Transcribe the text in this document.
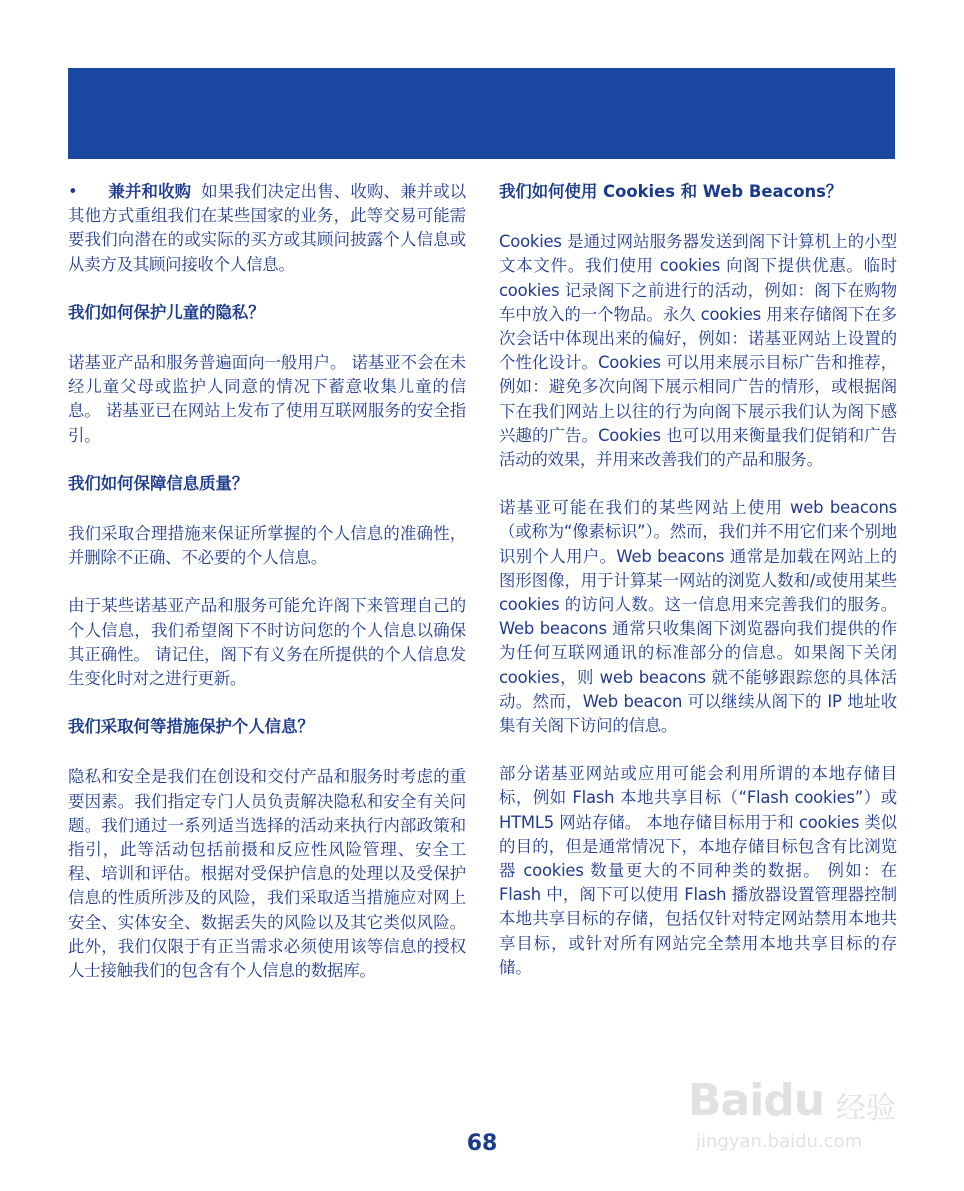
• 兼并和收购 如果我们决定出售、收购、兼并或以其他方式重组我们在某些国家的业务，此等交易可能需要我们向潜在的或实际的买方或其顾问披露个人信息或从卖方及其顾问接收个人信息。

我们如何保护儿童的隐私？

诺基亚产品和服务普遍面向一般用户。 诺基亚不会在未经儿童父母或监护人同意的情况下蓄意收集儿童的信息。 诺基亚已在网站上发布了使用互联网服务的安全指引。

我们如何保障信息质量？

我们采取合理措施来保证所掌握的个人信息的准确性，并删除不正确、不必要的个人信息。

由于某些诺基亚产品和服务可能允许阁下来管理自己的个人信息，我们希望阁下不时访问您的个人信息以确保其正确性。 请记住，阁下有义务在所提供的个人信息发生变化时对之进行更新。

我们采取何等措施保护个人信息？

隐私和安全是我们在创设和交付产品和服务时考虑的重要因素。我们指定专门人员负责解决隐私和安全有关问题。我们通过一系列适当选择的活动来执行内部政策和指引，此等活动包括前摄和反应性风险管理、安全工程、培训和评估。根据对受保护信息的处理以及受保护信息的性质所涉及的风险，我们采取适当措施应对网上安全、实体安全、数据丢失的风险以及其它类似风险。此外，我们仅限于有正当需求必须使用该等信息的授权人士接触我们的包含有个人信息的数据库。

我们如何使用 Cookies 和 Web Beacons？

Cookies 是通过网站服务器发送到阁下计算机上的小型文本文件。我们使用 cookies 向阁下提供优惠。临时 cookies 记录阁下之前进行的活动，例如：阁下在购物车中放入的一个物品。永久 cookies 用来存储阁下在多次会话中体现出来的偏好，例如：诺基亚网站上设置的个性化设计。Cookies 可以用来展示目标广告和推荐，例如：避免多次向阁下展示相同广告的情形，或根据阁下在我们网站上以往的行为向阁下展示我们认为阁下感兴趣的广告。Cookies 也可以用来衡量我们促销和广告活动的效果，并用来改善我们的产品和服务。

诺基亚可能在我们的某些网站上使用 web beacons （或称为“像素标识”）。然而，我们并不用它们来个别地识别个人用户。Web beacons 通常是加载在网站上的图形图像，用于计算某一网站的浏览人数和/或使用某些 cookies 的访问人数。这一信息用来完善我们的服务。Web beacons 通常只收集阁下浏览器向我们提供的作为任何互联网通讯的标准部分的信息。如果阁下关闭 cookies，则 web beacons 就不能够跟踪您的具体活动。然而，Web beacon 可以继续从阁下的 IP 地址收集有关阁下访问的信息。

部分诺基亚网站或应用可能会利用所谓的本地存储目标，例如 Flash 本地共享目标（“Flash cookies”）或 HTML5 网站存储。 本地存储目标用于和 cookies 类似的目的，但是通常情况下，本地存储目标包含有比浏览器 cookies 数量更大的不同种类的数据。 例如：在 Flash 中，阁下可以使用 Flash 播放器设置管理器控制本地共享目标的存储，包括仅针对特定网站禁用本地共享目标，或针对所有网站完全禁用本地共享目标的存储。

68
Baidu 经验
jingyan.baidu.com
